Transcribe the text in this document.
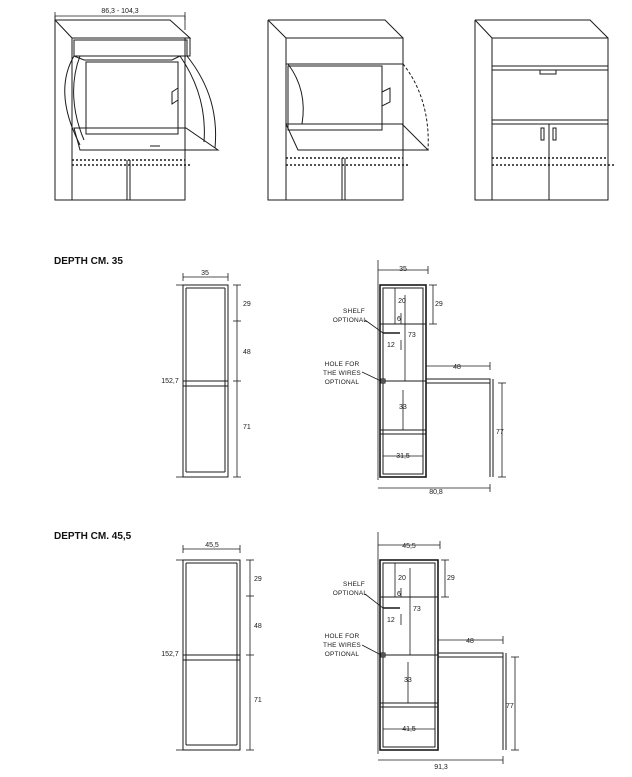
86,3 - 104,3
DEPTH CM. 35
35
152,7
29
48
71
35
20
6
12
73
29
48
77
33
31,5
80,8
SHELF
OPTIONAL
HOLE FOR
THE WIRES
OPTIONAL
DEPTH CM. 45,5
45,5
152,7
29
48
71
45,5
20
6
12
73
29
48
77
33
41,5
91,3
SHELF
OPTIONAL
HOLE FOR
THE WIRES
OPTIONAL
